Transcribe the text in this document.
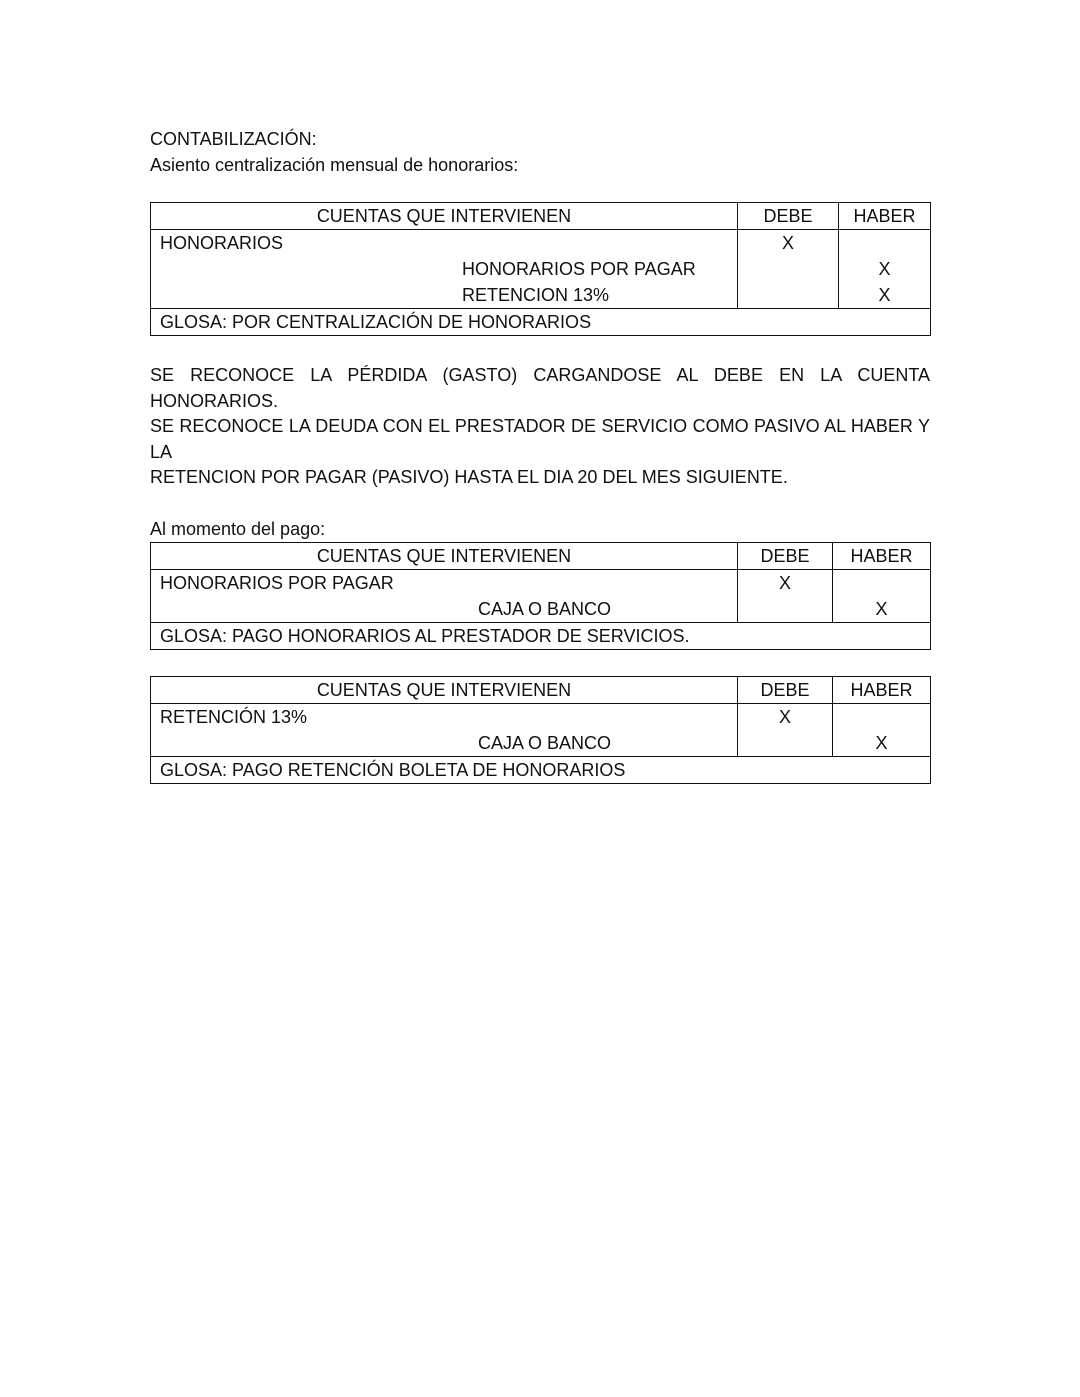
CONTABILIZACIÓN:
Asiento centralización mensual de honorarios:
CUENTAS QUE INTERVIENEN	DEBE	HABER
HONORARIOS	X	
HONORARIOS POR PAGAR		X
RETENCION 13%		X
GLOSA: POR CENTRALIZACIÓN DE HONORARIOS		

SE RECONOCE LA PÉRDIDA (GASTO) CARGANDOSE AL DEBE EN LA CUENTA HONORARIOS.
SE RECONOCE LA DEUDA CON EL PRESTADOR DE SERVICIO COMO PASIVO AL HABER Y LA
RETENCION POR PAGAR (PASIVO) HASTA EL DIA 20 DEL MES SIGUIENTE.

Al momento del pago:
CUENTAS QUE INTERVIENEN	DEBE	HABER
HONORARIOS POR PAGAR	X	
CAJA O BANCO		X
GLOSA: PAGO HONORARIOS AL PRESTADOR DE SERVICIOS.		
CUENTAS QUE INTERVIENEN	DEBE	HABER
RETENCIÓN 13%	X	
CAJA O BANCO		X
GLOSA: PAGO RETENCIÓN BOLETA DE HONORARIOS		
